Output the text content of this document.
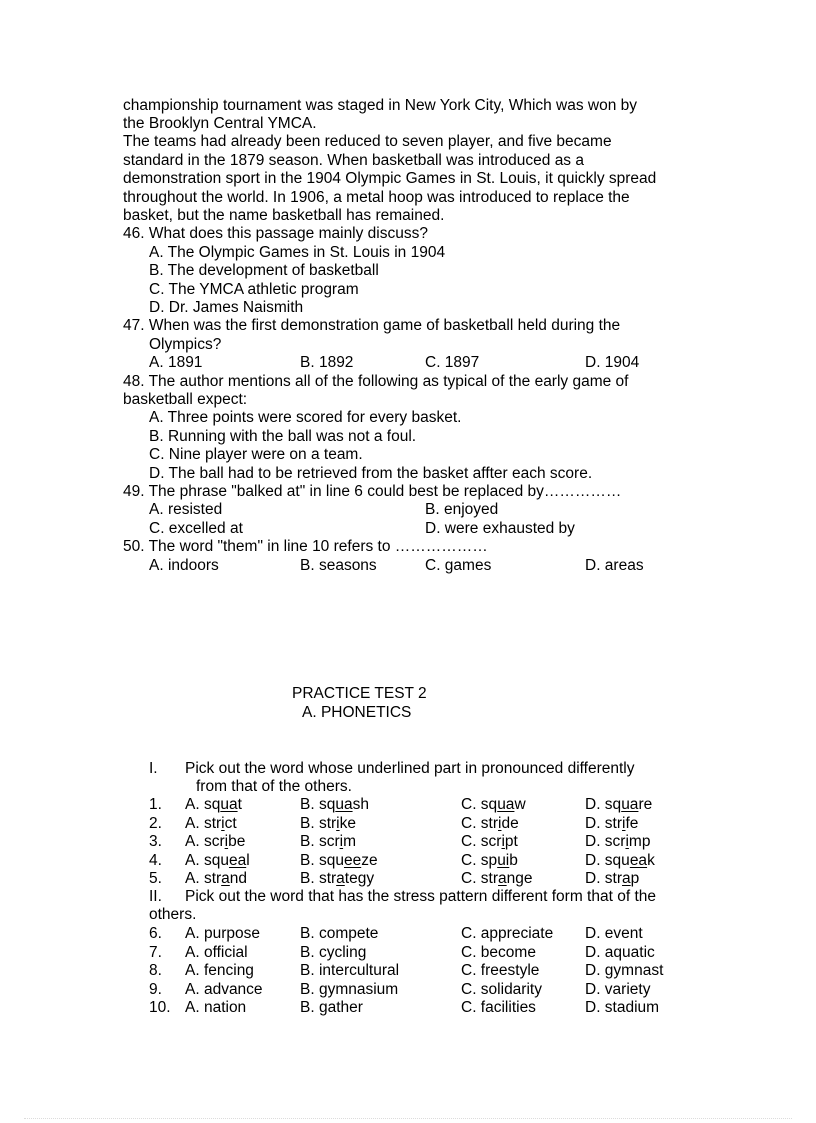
championship tournament was staged in New York City, Which was won by
the Brooklyn Central YMCA.
The teams had already been reduced to seven player, and five became
standard in the 1879 season. When basketball was introduced as a
demonstration sport in the 1904 Olympic Games in St. Louis, it quickly spread
throughout the world. In 1906, a metal hoop was introduced to replace the
basket, but the name basketball has remained.
46. What does this passage mainly discuss?
A. The Olympic Games in St. Louis in 1904
B. The development of basketball
C. The YMCA athletic program
D. Dr. James Naismith
47. When was the first demonstration game of basketball held during the
Olympics?
A. 1891	B. 1892	C. 1897	D. 1904
48. The author mentions all of the following as typical of the early game of
basketball expect:
A. Three points were scored for every basket.
B. Running with the ball was not a foul.
C. Nine player were on a team.
D. The ball had to be retrieved from the basket affter each score.
49. The phrase "balked at" in line 6 could best be replaced by……………
A. resisted	B. enjoyed
C. excelled at	D. were exhausted by
50. The word "them" in line 10 refers to ………………
A. indoors	B. seasons	C. games	D. areas
PRACTICE TEST 2
A. PHONETICS
I. Pick out the word whose underlined part in pronounced differently
from that of the others.
1. A. squat	B. squash	C. squaw	D. square
2. A. strict	B. strike	C. stride	D. strife
3. A. scribe	B. scrim	C. script	D. scrimp
4. A. squeal	B. squeeze	C. spuib	D. squeak
5. A. strand	B. strategy	C. strange	D. strap
II. Pick out the word that has the stress pattern different form that of the
others.
6. A. purpose	B. compete	C. appreciate D. event
7. A. official	B. cycling	C. become	D. aquatic
8. A. fencing	B. intercultural	C. freestyle	D. gymnast
9. A. advance B. gymnasium	C. solidarity	D. variety
10. A. nation	B. gather	C. facilities	D. stadium
